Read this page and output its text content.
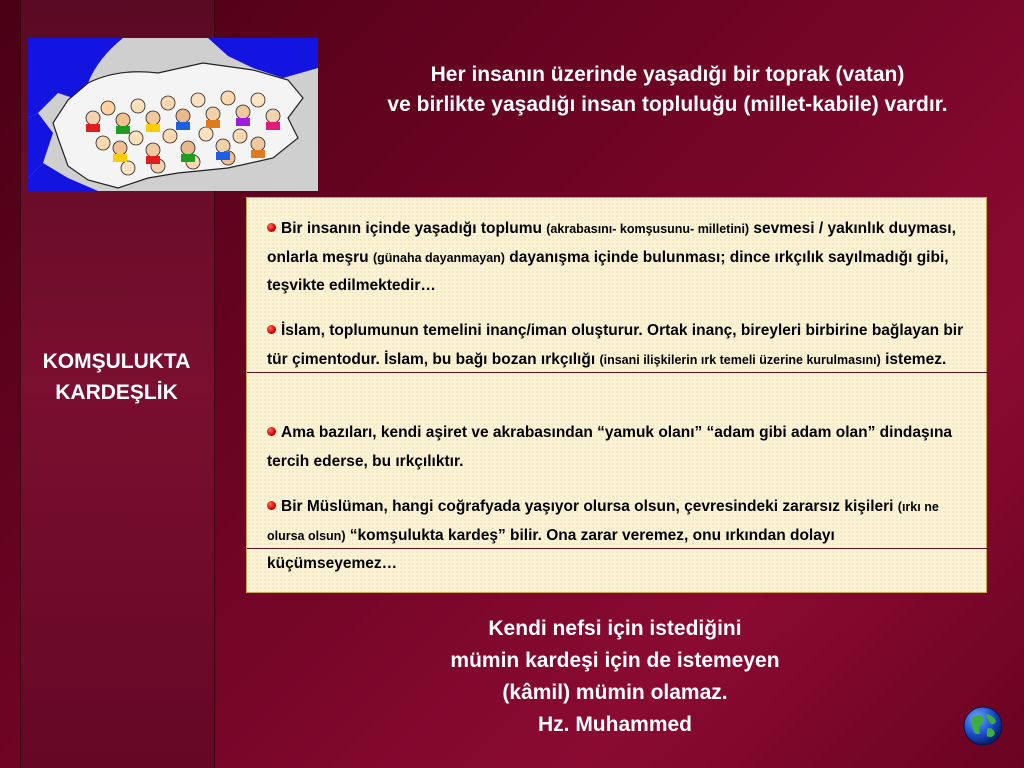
Her insanın üzerinde yaşadığı bir toprak (vatan)
ve birlikte yaşadığı insan topluluğu (millet-kabile) vardır.
KOMŞULUKTA
KARDEŞLİK
Bir insanın içinde yaşadığı toplumu (akrabasını- komşusunu- milletini) sevmesi / yakınlık duyması, onlarla meşru (günaha dayanmayan) dayanışma içinde bulunması; dince ırkçılık sayılmadığı gibi, teşvikte edilmektedir…
İslam, toplumunun temelini inanç/iman oluşturur. Ortak inanç, bireyleri birbirine bağlayan bir tür çimentodur. İslam, bu bağı bozan ırkçılığı (insani ilişkilerin ırk temeli üzerine kurulmasını) istemez.
Ama bazıları, kendi aşiret ve akrabasından “yamuk olanı” “adam gibi adam olan” dindaşına tercih ederse, bu ırkçılıktır.
Bir Müslüman, hangi coğrafyada yaşıyor olursa olsun, çevresindeki zararsız kişileri (ırkı ne olursa olsun) “komşulukta kardeş” bilir. Ona zarar veremez, onu ırkından dolayı küçümseyemez…
Kendi nefsi için istediğini
mümin kardeşi için de istemeyen
(kâmil) mümin olamaz.
Hz. Muhammed
